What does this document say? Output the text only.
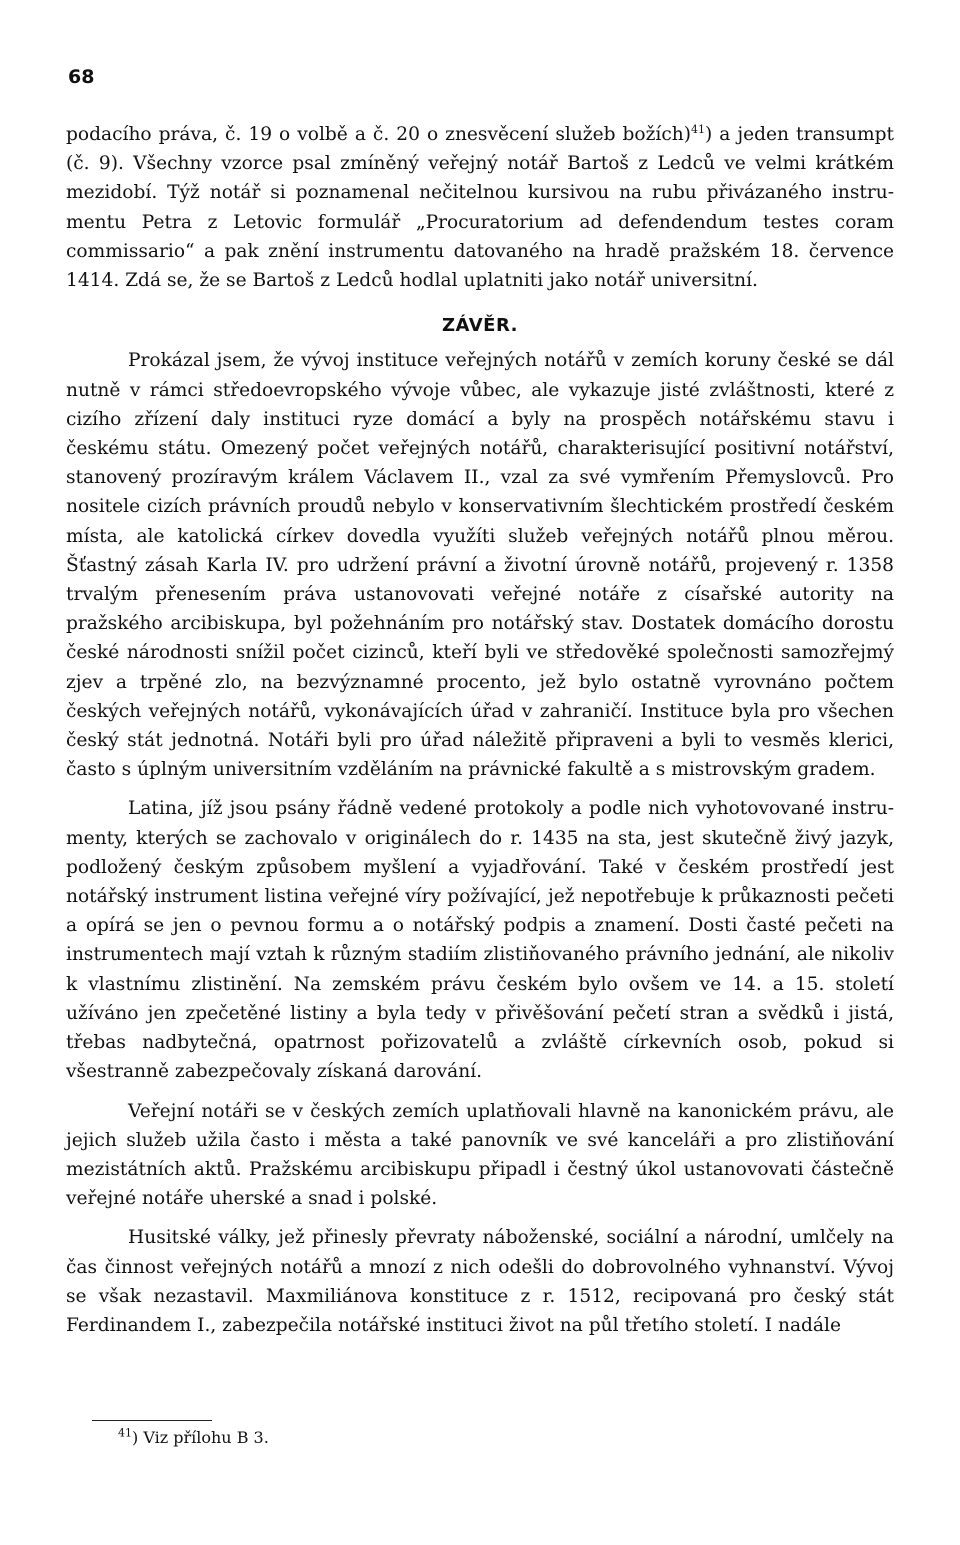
68

podacího práva, č. 19 o volbě a č. 20 o znesvěcení služeb božích)$^{41}$) a jeden transumpt (č. 9). Všechny vzorce psal zmíněný veřejný notář Bartoš z Ledců ve velmi krátkém mezidobí. Týž notář si poznamenal nečitelnou kursivou na rubu přivázaného instrumentu Petra z Letovic formulář „Procuratorium ad defendendum testes coram commissario“ a pak znění instrumentu datovaného na hradě pražském 18. července 1414. Zdá se, že se Bartoš z Ledců hodlal uplatniti jako notář universitní.

ZÁVĚR.

Prokázal jsem, že vývoj instituce veřejných notářů v zemích koruny české se dál nutně v rámci středoevropského vývoje vůbec, ale vykazuje jisté zvláštnosti, které z cizího zřízení daly instituci ryze domácí a byly na prospěch notářskému stavu i českému státu. Omezený počet veřejných notářů, charakterisující positivní notářství, stanovený prozíravým králem Václavem II., vzal za své vymřením Přemyslovců. Pro nositele cizích právních proudů nebylo v konservativním šlechtickém prostředí českém místa, ale katolická církev dovedla využíti služeb veřejných notářů plnou měrou. Šťastný zásah Karla IV. pro udržení právní a životní úrovně notářů, projevený r. 1358 trvalým přenesením práva ustanovovati veřejné notáře z císařské autority na pražského arcibiskupa, byl požehnáním pro notářský stav. Dostatek domácího dorostu české národnosti snížil počet cizinců, kteří byli ve středověké společnosti samozřejmý zjev a trpěné zlo, na bezvýznamné procento, jež bylo ostatně vyrovnáno počtem českých veřejných notářů, vykonávajících úřad v zahraničí. Instituce byla pro všechen český stát jednotná. Notáři byli pro úřad náležitě připraveni a byli to vesměs klerici, často s úplným universitním vzděláním na právnické fakultě a s mistrovským gradem.

Latina, jíž jsou psány řádně vedené protokoly a podle nich vyhotovované instrumenty, kterých se zachovalo v originálech do r. 1435 na sta, jest skutečně živý jazyk, podložený českým způsobem myšlení a vyjadřování. Také v českém prostředí jest notářský instrument listina veřejné víry požívající, jež nepotřebuje k průkaznosti pečeti a opírá se jen o pevnou formu a o notářský podpis a znamení. Dosti časté pečeti na instrumentech mají vztah k různým stadiím zlistiňovaného právního jednání, ale nikoliv k vlastnímu zlistinění. Na zemském právu českém bylo ovšem ve 14. a 15. století užíváno jen zpečetěné listiny a byla tedy v přivěšování pečetí stran a svědků i jistá, třebas nadbytečná, opatrnost pořizovatelů a zvláště církevních osob, pokud si všestranně zabezpečovaly získaná darování.

Veřejní notáři se v českých zemích uplatňovali hlavně na kanonickém právu, ale jejich služeb užila často i města a také panovník ve své kanceláři a pro zlistiňování mezistátních aktů. Pražskému arcibiskupu připadl i čestný úkol ustanovovati částečně veřejné notáře uherské a snad i polské.

Husitské války, jež přinesly převraty náboženské, sociální a národní, umlčely na čas činnost veřejných notářů a mnozí z nich odešli do dobrovolného vyhnanství. Vývoj se však nezastavil. Maxmiliánova konstituce z r. 1512, recipovaná pro český stát Ferdinandem I., zabezpečila notářské instituci život na půl třetího století. I nadále

$^{41}$) Viz přílohu B 3.
